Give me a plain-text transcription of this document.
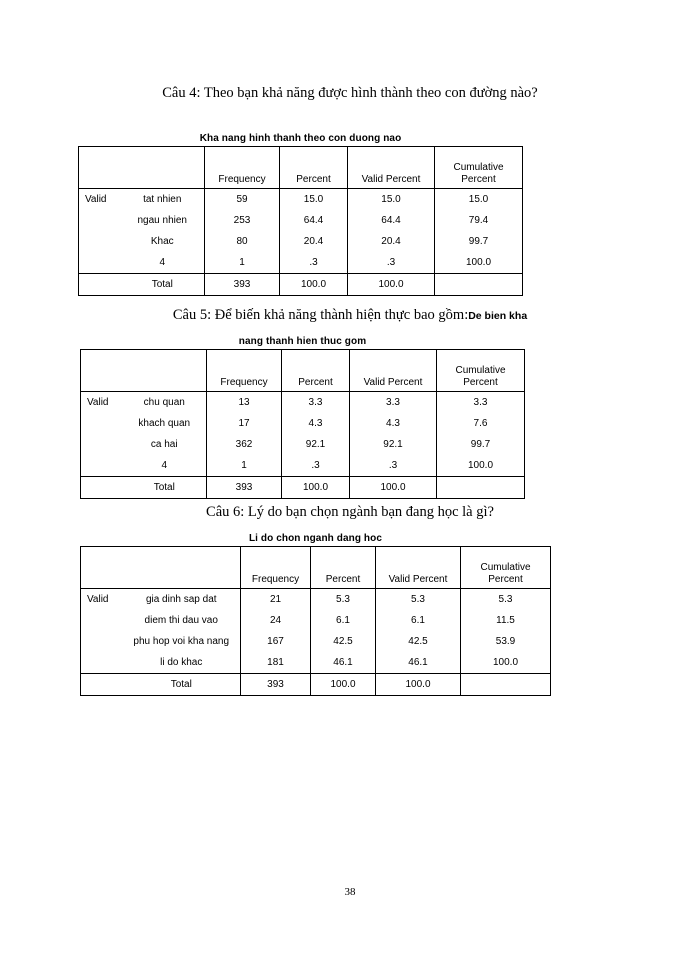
Câu 4: Theo bạn khả năng được hình thành theo con đường nào?
Kha nang hinh thanh theo con duong nao
		Frequency	Percent	Valid Percent	Cumulative
Percent

Valid	tat nhien	59	15.0	15.0	15.0
	ngau nhien	253	64.4	64.4	79.4
	Khac	80	20.4	20.4	99.7
	4	1	.3	.3	100.0
	Total	393	100.0	100.0	
Câu 5: Để biến khả năng thành hiện thực bao gồm:De bien kha
nang thanh hien thuc gom
		Frequency	Percent	Valid Percent	Cumulative
Percent

Valid	chu quan	13	3.3	3.3	3.3
	khach quan	17	4.3	4.3	7.6
	ca hai	362	92.1	92.1	99.7
	4	1	.3	.3	100.0
	Total	393	100.0	100.0	
Câu 6: Lý do bạn chọn ngành bạn đang học là gì?
Li do chon nganh dang hoc
		Frequency	Percent	Valid Percent	Cumulative
Percent

Valid	gia dinh sap dat	21	5.3	5.3	5.3
	diem thi dau vao	24	6.1	6.1	11.5
	phu hop voi kha nang	167	42.5	42.5	53.9
	li do khac	181	46.1	46.1	100.0
	Total	393	100.0	100.0	
38
